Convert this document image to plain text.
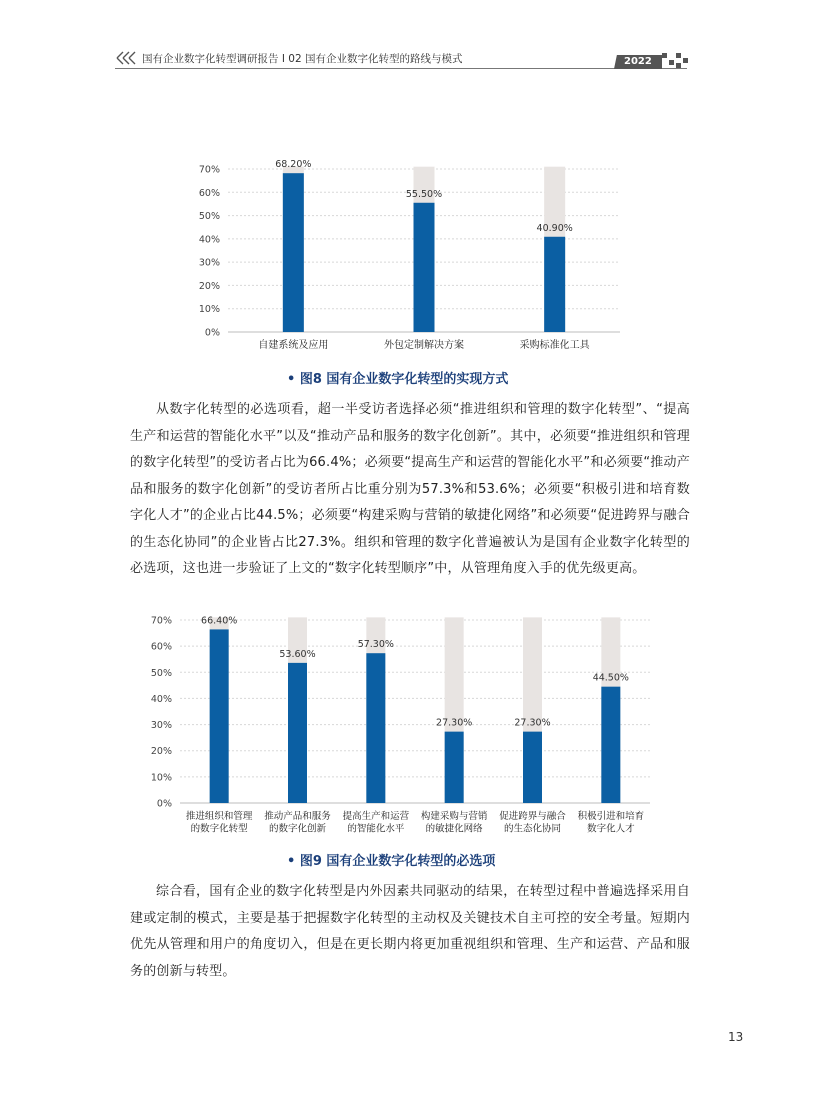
国有企业数字化转型调研报告 I 02 国有企业数字化转型的路线与模式	2022
0%
10%
20%
30%
40%
50%
60%
70%	68.20%
自建系统及应用
55.50%
外包定制解决方案
40.90%
采购标准化工具
• 图8 国有企业数字化转型的实现方式
从数字化转型的必选项看，超一半受访者选择必须“推进组织和管理的数字化转型”、“提高生产和运营的智能化水平”以及“推动产品和服务的数字化创新”。其中，必须要“推进组织和管理的数字化转型”的受访者占比为66.4%；必须要“提高生产和运营的智能化水平”和必须要“推动产品和服务的数字化创新”的受访者所占比重分别为57.3%和53.6%；必须要“积极引进和培育数字化人才”的企业占比44.5%；必须要“构建采购与营销的敏捷化网络”和必须要“促进跨界与融合的生态化协同”的企业皆占比27.3%。组织和管理的数字化普遍被认为是国有企业数字化转型的必选项，这也进一步验证了上文的“数字化转型顺序”中，从管理角度入手的优先级更高。
0%
10%
20%
30%
40%
50%
60%
70%	66.40%
推进组织和管理
的数字化转型
53.60%
推动产品和服务
的数字化创新
57.30%
提高生产和运营
的智能化水平
27.30%
构建采购与营销
的敏捷化网络
27.30%
促进跨界与融合
的生态化协同
44.50%
积极引进和培育
数字化人才
• 图9 国有企业数字化转型的必选项
综合看，国有企业的数字化转型是内外因素共同驱动的结果，在转型过程中普遍选择采用自建或定制的模式，主要是基于把握数字化转型的主动权及关键技术自主可控的安全考量。短期内优先从管理和用户的角度切入，但是在更长期内将更加重视组织和管理、生产和运营、产品和服务的创新与转型。
13
